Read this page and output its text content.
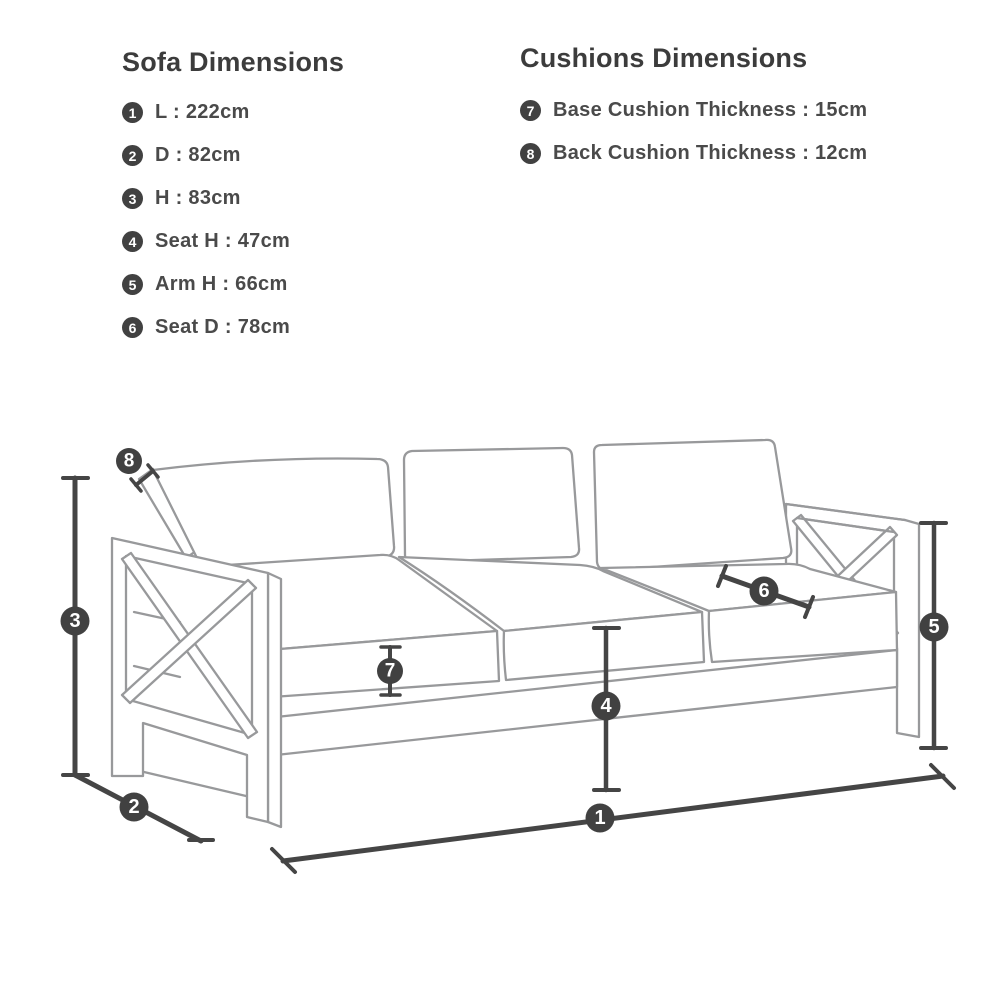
Sofa Dimensions
1 L : 222cm
2 D : 82cm
3 H : 83cm
4 Seat H : 47cm
5 Arm H : 66cm
6 Seat D : 78cm
Cushions Dimensions
7 Base Cushion Thickness : 15cm
8 Back Cushion Thickness : 12cm
1
2
3
4
5
6
7
8
